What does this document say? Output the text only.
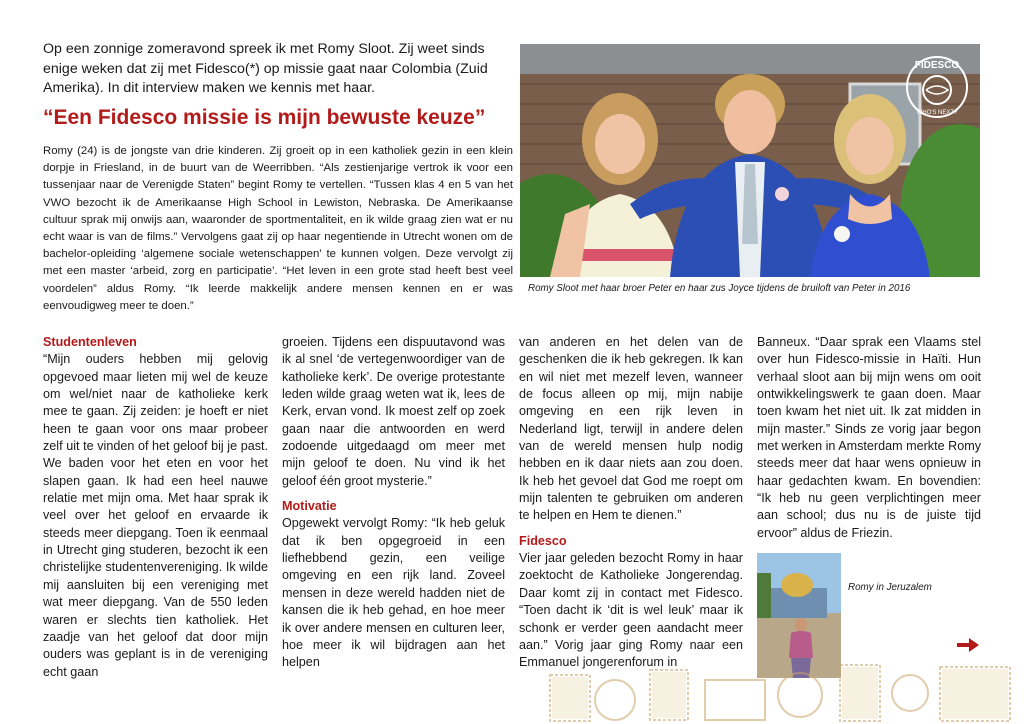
Op een zonnige zomeravond spreek ik met Romy Sloot. Zij weet sinds enige weken dat zij met Fidesco(*) op missie gaat naar Colombia (Zuid Amerika). In dit interview maken we kennis met haar.
“Een Fidesco missie is mijn bewuste keuze”
Romy (24) is de jongste van drie kinderen. Zij groeit op in een katholiek gezin in een klein dorpje in Friesland, in de buurt van de Weerribben. “Als zestienjarige vertrok ik voor een tussenjaar naar de Verenigde Staten” begint Romy te vertellen. “Tussen klas 4 en 5 van het VWO bezocht ik de Amerikaanse High School in Lewiston, Nebraska. De Amerikaanse cultuur sprak mij onwijs aan, waaronder de sportmentaliteit, en ik wilde graag zien wat er nu echt waar is van de films.” Vervolgens gaat zij op haar negentiende in Utrecht wonen om de bachelor-opleiding ‘algemene sociale wetenschappen’ te kunnen volgen. Deze vervolgt zij met een master ‘arbeid, zorg en participatie’. “Het leven in een grote stad heeft best veel voordelen” aldus Romy. “Ik leerde makkelijk andere mensen kennen en er was eenvoudigweg meer te doen.”
FIDESCO
WHO'S NEXT?
Romy Sloot met haar broer Peter en haar zus Joyce tijdens de bruiloft van Peter in 2016
Studentenleven

“Mijn ouders hebben mij gelovig opgevoed maar lieten mij wel de keuze om wel/niet naar de katholieke kerk mee te gaan. Zij zeiden: je hoeft er niet heen te gaan voor ons maar probeer zelf uit te vinden of het geloof bij je past. We baden voor het eten en voor het slapen gaan. Ik had een heel nauwe relatie met mijn oma. Met haar sprak ik veel over het geloof en ervaarde ik steeds meer diepgang. Toen ik eenmaal in Utrecht ging studeren, bezocht ik een christelijke studentenvereniging. Ik wilde mij aansluiten bij een vereniging met wat meer diepgang. Van de 550 leden waren er slechts tien katholiek. Het zaadje van het geloof dat door mijn ouders was geplant is in de vereniging echt gaan

groeien. Tijdens een dispuutavond was ik al snel ‘de vertegenwoordiger van de katholieke kerk’. De overige protestante leden wilde graag weten wat ik, lees de Kerk, ervan vond. Ik moest zelf op zoek gaan naar die antwoorden en werd zodoende uitgedaagd om meer met mijn geloof te doen. Nu vind ik het geloof één groot mysterie.”

Motivatie

Opgewekt vervolgt Romy: “Ik heb geluk dat ik ben opgegroeid in een liefhebbend gezin, een veilige omgeving en een rijk land. Zoveel mensen in deze wereld hadden niet de kansen die ik heb gehad, en hoe meer ik over andere mensen en culturen leer, hoe meer ik wil bijdragen aan het helpen

van anderen en het delen van de geschenken die ik heb gekregen. Ik kan en wil niet met mezelf leven, wanneer de focus alleen op mij, mijn nabije omgeving en een rijk leven in Nederland ligt, terwijl in andere delen van de wereld mensen hulp nodig hebben en ik daar niets aan zou doen. Ik heb het gevoel dat God me roept om mijn talenten te gebruiken om anderen te helpen en Hem te dienen.”

Fidesco

Vier jaar geleden bezocht Romy in haar zoektocht de Katholieke Jongerendag. Daar komt zij in contact met Fidesco. “Toen dacht ik ‘dit is wel leuk’ maar ik schonk er verder geen aandacht meer aan.” Vorig jaar ging Romy naar een Emmanuel jongerenforum in

Banneux. “Daar sprak een Vlaams stel over hun Fidesco-missie in Haïti. Hun verhaal sloot aan bij mijn wens om ooit ontwikkelingswerk te gaan doen. Maar toen kwam het niet uit. Ik zat midden in mijn master.” Sinds ze vorig jaar begon met werken in Amsterdam merkte Romy steeds meer dat haar wens opnieuw in haar gedachten kwam. En bovendien: “Ik heb nu geen verplichtingen meer aan school; dus nu is de juiste tijd ervoor” aldus de Friezin.

Romy in Jeruzalem
